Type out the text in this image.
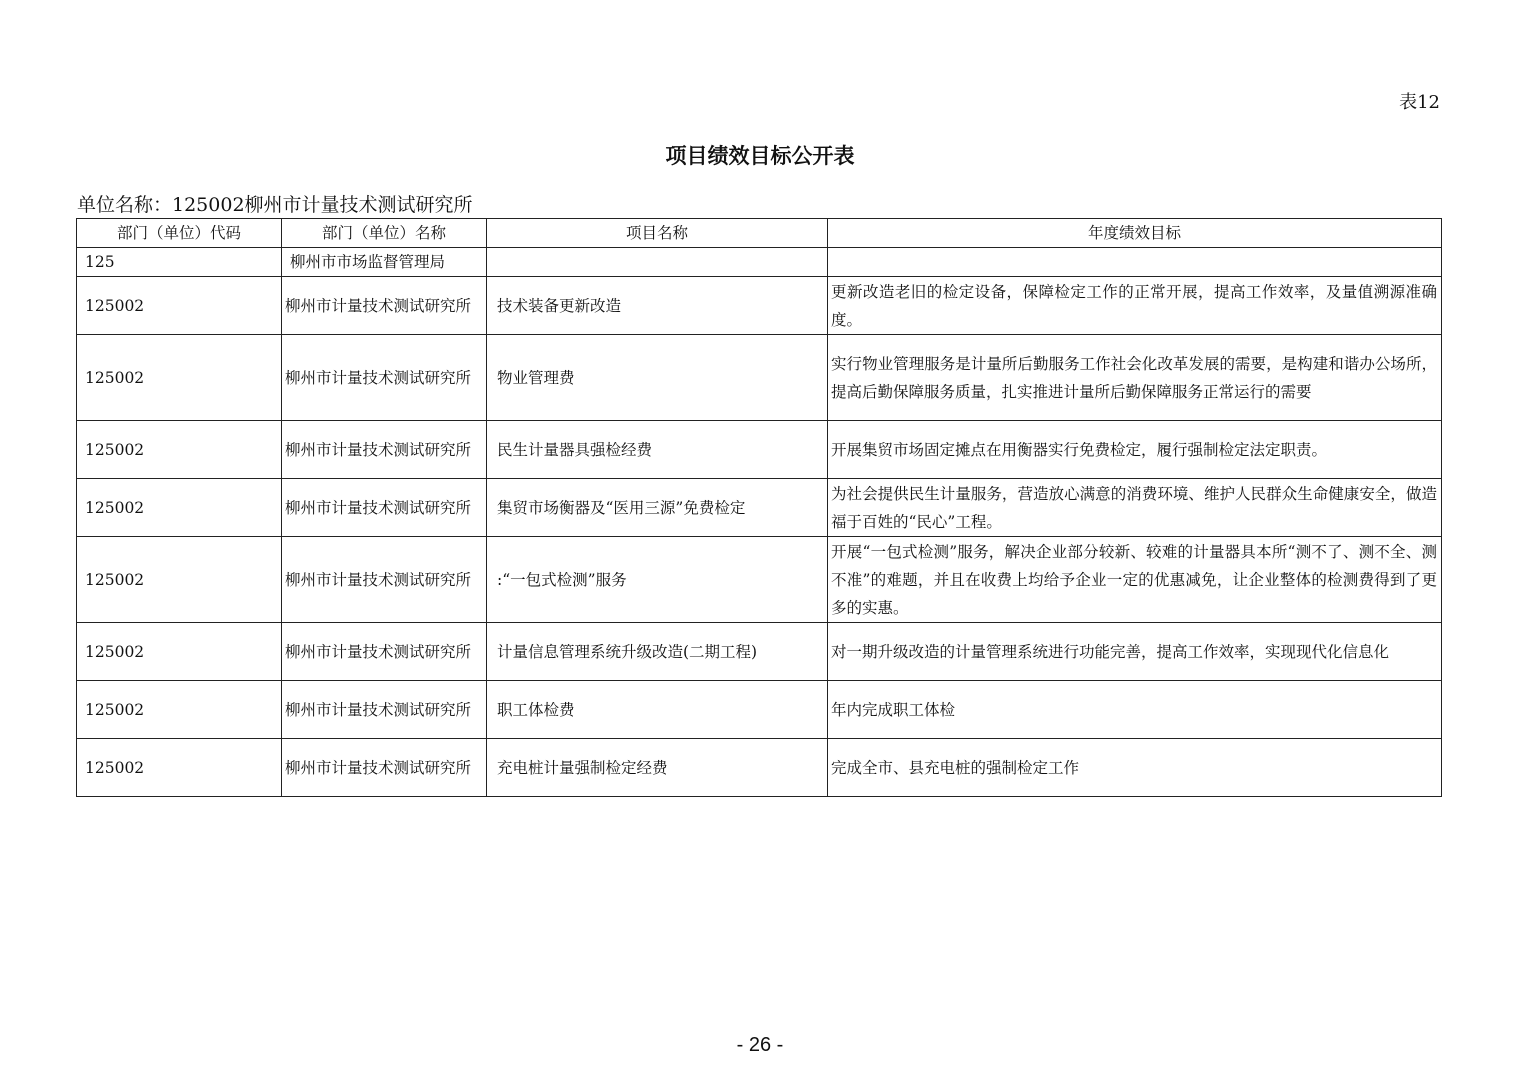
表12
项目绩效目标公开表
单位名称：125002柳州市计量技术测试研究所
部门（单位）代码	部门（单位）名称	项目名称	年度绩效目标
125	柳州市市场监督管理局		
125002	柳州市计量技术测试研究所	技术装备更新改造	更新改造老旧的检定设备，保障检定工作的正常开展，提高工作效率，及量值溯源准确度。
125002	柳州市计量技术测试研究所	物业管理费	实行物业管理服务是计量所后勤服务工作社会化改革发展的需要，是构建和谐办公场所，提高后勤保障服务质量，扎实推进计量所后勤保障服务正常运行的需要
125002	柳州市计量技术测试研究所	民生计量器具强检经费	开展集贸市场固定摊点在用衡器实行免费检定，履行强制检定法定职责。
125002	柳州市计量技术测试研究所	集贸市场衡器及“医用三源”免费检定	为社会提供民生计量服务，营造放心满意的消费环境、维护人民群众生命健康安全，做造福于百姓的“民心”工程。
125002	柳州市计量技术测试研究所	:“一包式检测”服务	开展“一包式检测”服务，解决企业部分较新、较难的计量器具本所“测不了、测不全、测不准”的难题，并且在收费上均给予企业一定的优惠减免，让企业整体的检测费得到了更多的实惠。
125002	柳州市计量技术测试研究所	计量信息管理系统升级改造(二期工程)	对一期升级改造的计量管理系统进行功能完善，提高工作效率，实现现代化信息化
125002	柳州市计量技术测试研究所	职工体检费	年内完成职工体检
125002	柳州市计量技术测试研究所	充电桩计量强制检定经费	完成全市、县充电桩的强制检定工作
- 26 -
